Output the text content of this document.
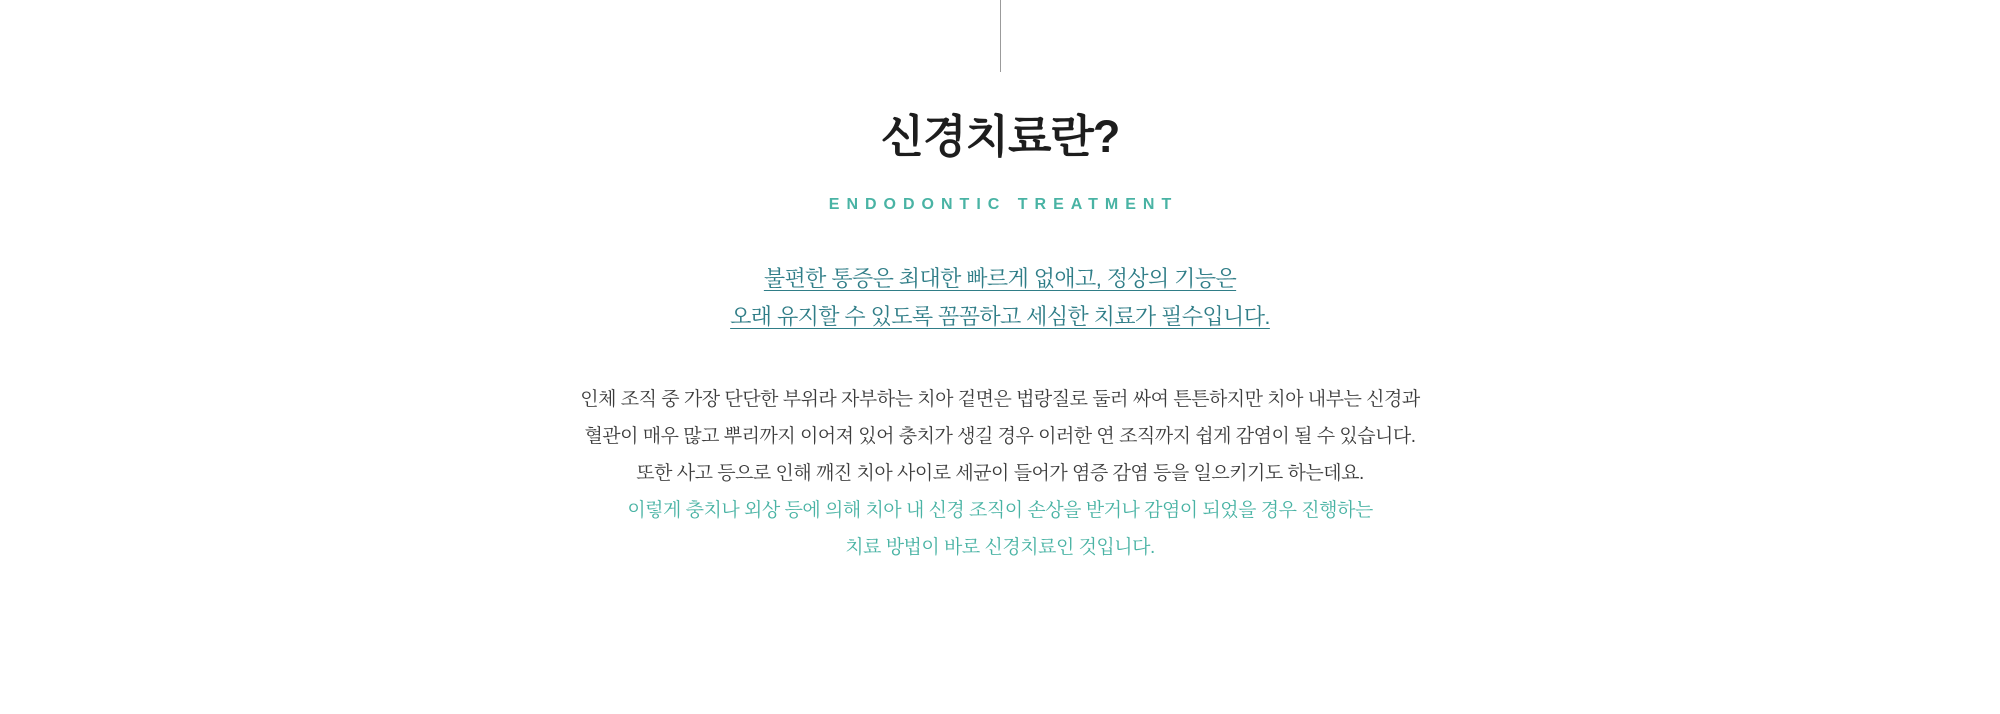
신경치료란?
ENDODONTIC TREATMENT
불편한 통증은 최대한 빠르게 없애고, 정상의 기능은
오래 유지할 수 있도록 꼼꼼하고 세심한 치료가 필수입니다.
인체 조직 중 가장 단단한 부위라 자부하는 치아 겉면은 법랑질로 둘러 싸여 튼튼하지만 치아 내부는 신경과
혈관이 매우 많고 뿌리까지 이어져 있어 충치가 생길 경우 이러한 연 조직까지 쉽게 감염이 될 수 있습니다.
또한 사고 등으로 인해 깨진 치아 사이로 세균이 들어가 염증 감염 등을 일으키기도 하는데요.
이렇게 충치나 외상 등에 의해 치아 내 신경 조직이 손상을 받거나 감염이 되었을 경우 진행하는
치료 방법이 바로 신경치료인 것입니다.
